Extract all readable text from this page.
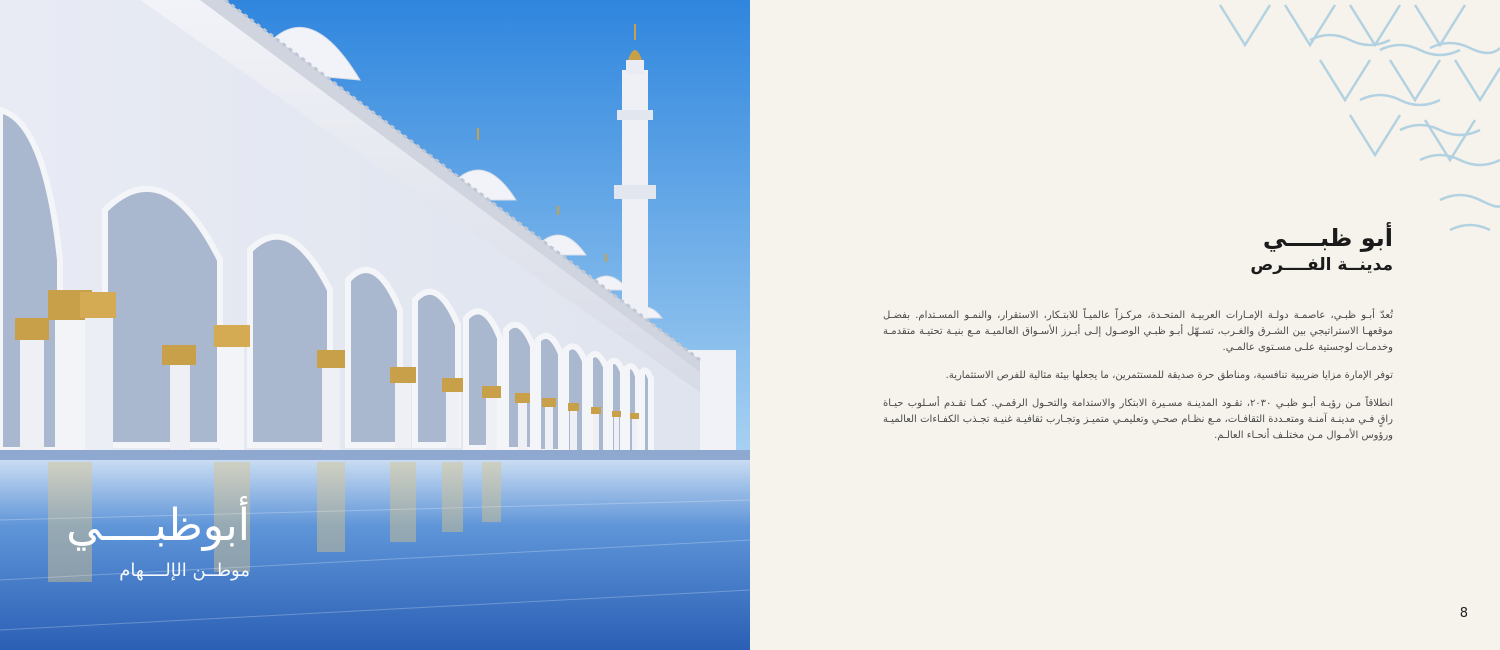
أبوظبــــي
موطــن الإلــــهام
أبو ظبــــي
مدينــة الفــــرص

تُعدّ أبـو ظبـي، عاصمـة دولـة الإمـارات العربيـة المتحـدة، مركـزاً عالميـاً للابتـكار، الاستقرار، والنمـو المسـتدام. بفضـل موقعهـا الاستراتيجي بين الشـرق والغـرب، تسـهّل أبـو ظبـي الوصـول إلـى أبـرز الأسـواق العالميـة مـع بنيـة تحتيـة متقدمـة وخدمـات لوجستية علـى مسـتوى عالمـي.

توفر الإمارة مزايا ضريبية تنافسية، ومناطق حرة صديقة للمستثمرين، ما يجعلها بيئة مثالية للفرص الاستثمارية.

انطلاقاً مـن رؤيـة أبـو ظبـي ٢٠٣٠، تقـود المدينـة مسـيرة الابتكار والاستدامة والتحـول الرقمـي. كمـا تقـدم أسـلوب حيـاة راقٍ فـي مدينـة آمنـة ومتعـددة الثقافـات، مـع نظـام صحـي وتعليمـي متميـز وتجـارب ثقافيـة غنيـة تجـذب الكفـاءات العالميـة ورؤوس الأمـوال مـن مختلـف أنحـاء العالـم.

8
